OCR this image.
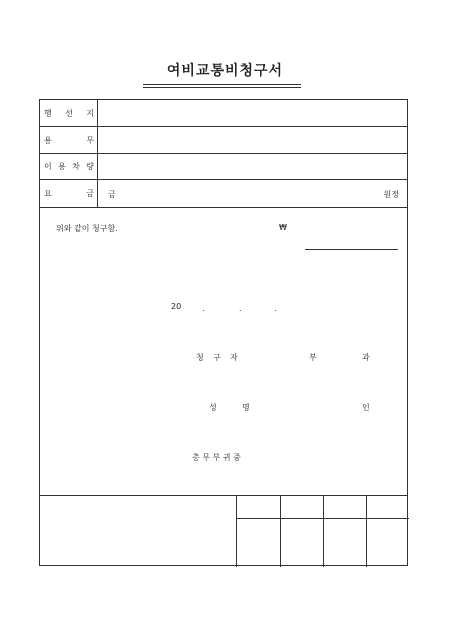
여비교통비청구서
행 선 지
용	무
이 용 차 량
요	금 금	원정
위와 같이 청구함.	₩
20	.	.	.
청 구 자	부	과
성	명	인
총 무 부 귀 중
